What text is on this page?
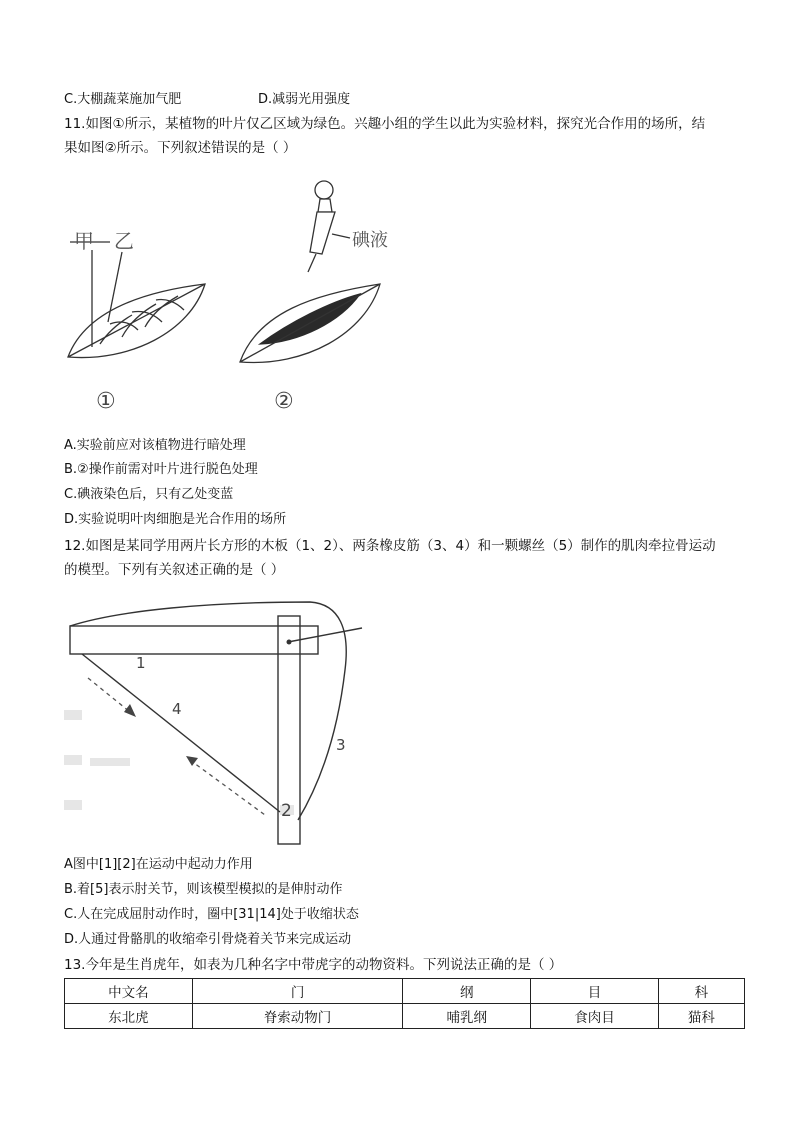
C.大棚蔬菜施加气肥	D.减弱光用强度
11.如图①所示，某植物的叶片仅乙区域为绿色。兴趣小组的学生以此为实验材料，探究光合作用的场所，结
果如图②所示。下列叙述错误的是（ ）
甲 乙	碘液
①	②
A.实验前应对该植物进行暗处理
B.②操作前需对叶片进行脱色处理
C.碘液染色后，只有乙处变蓝
D.实验说明叶肉细胞是光合作用的场所
12.如图是某同学用两片长方形的木板（1、2）、两条橡皮筋（3、4）和一颗螺丝（5）制作的肌肉牵拉骨运动
的模型。下列有关叙述正确的是（ ）
1
4
3
2
A图中[1][2]在运动中起动力作用
B.着[5]表示肘关节，则该模型模拟的是伸肘动作
C.人在完成屈肘动作时，圈中[31|14]处于收缩状态
D.人通过骨骼肌的收缩牵引骨烧着关节来完成运动
13.今年是生肖虎年，如表为几种名字中带虎字的动物资料。下列说法正确的是（ ）
中文名	门	纲	目	科
东北虎	脊索动物门	哺乳纲	食肉目	猫科
